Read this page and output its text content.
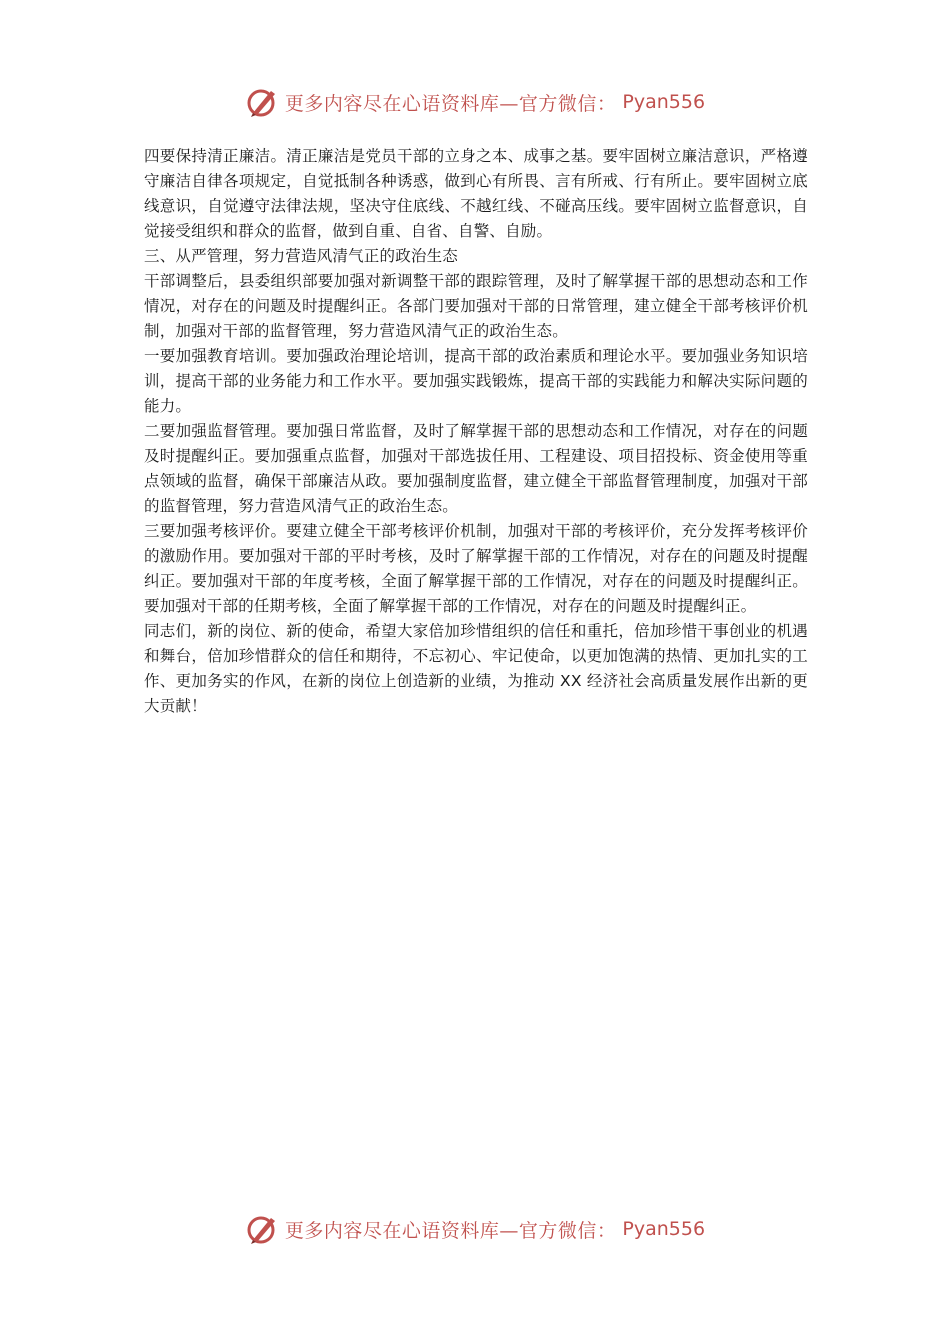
更多内容尽在心语资料库—官方微信： Pyan556

四要保持清正廉洁。清正廉洁是党员干部的立身之本、成事之基。要牢固树立廉洁意识，严格遵守廉洁自律各项规定，自觉抵制各种诱惑，做到心有所畏、言有所戒、行有所止。要牢固树立底线意识，自觉遵守法律法规，坚决守住底线、不越红线、不碰高压线。要牢固树立监督意识，自觉接受组织和群众的监督，做到自重、自省、自警、自励。

三、从严管理，努力营造风清气正的政治生态

干部调整后，县委组织部要加强对新调整干部的跟踪管理，及时了解掌握干部的思想动态和工作情况，对存在的问题及时提醒纠正。各部门要加强对干部的日常管理，建立健全干部考核评价机制，加强对干部的监督管理，努力营造风清气正的政治生态。

一要加强教育培训。要加强政治理论培训，提高干部的政治素质和理论水平。要加强业务知识培训，提高干部的业务能力和工作水平。要加强实践锻炼，提高干部的实践能力和解决实际问题的能力。

二要加强监督管理。要加强日常监督，及时了解掌握干部的思想动态和工作情况，对存在的问题及时提醒纠正。要加强重点监督，加强对干部选拔任用、工程建设、项目招投标、资金使用等重点领域的监督，确保干部廉洁从政。要加强制度监督，建立健全干部监督管理制度，加强对干部的监督管理，努力营造风清气正的政治生态。

三要加强考核评价。要建立健全干部考核评价机制，加强对干部的考核评价，充分发挥考核评价的激励作用。要加强对干部的平时考核，及时了解掌握干部的工作情况，对存在的问题及时提醒纠正。要加强对干部的年度考核，全面了解掌握干部的工作情况，对存在的问题及时提醒纠正。要加强对干部的任期考核，全面了解掌握干部的工作情况，对存在的问题及时提醒纠正。

同志们，新的岗位、新的使命，希望大家倍加珍惜组织的信任和重托，倍加珍惜干事创业的机遇和舞台，倍加珍惜群众的信任和期待，不忘初心、牢记使命，以更加饱满的热情、更加扎实的工作、更加务实的作风，在新的岗位上创造新的业绩，为推动 XX 经济社会高质量发展作出新的更大贡献！

更多内容尽在心语资料库—官方微信： Pyan556
